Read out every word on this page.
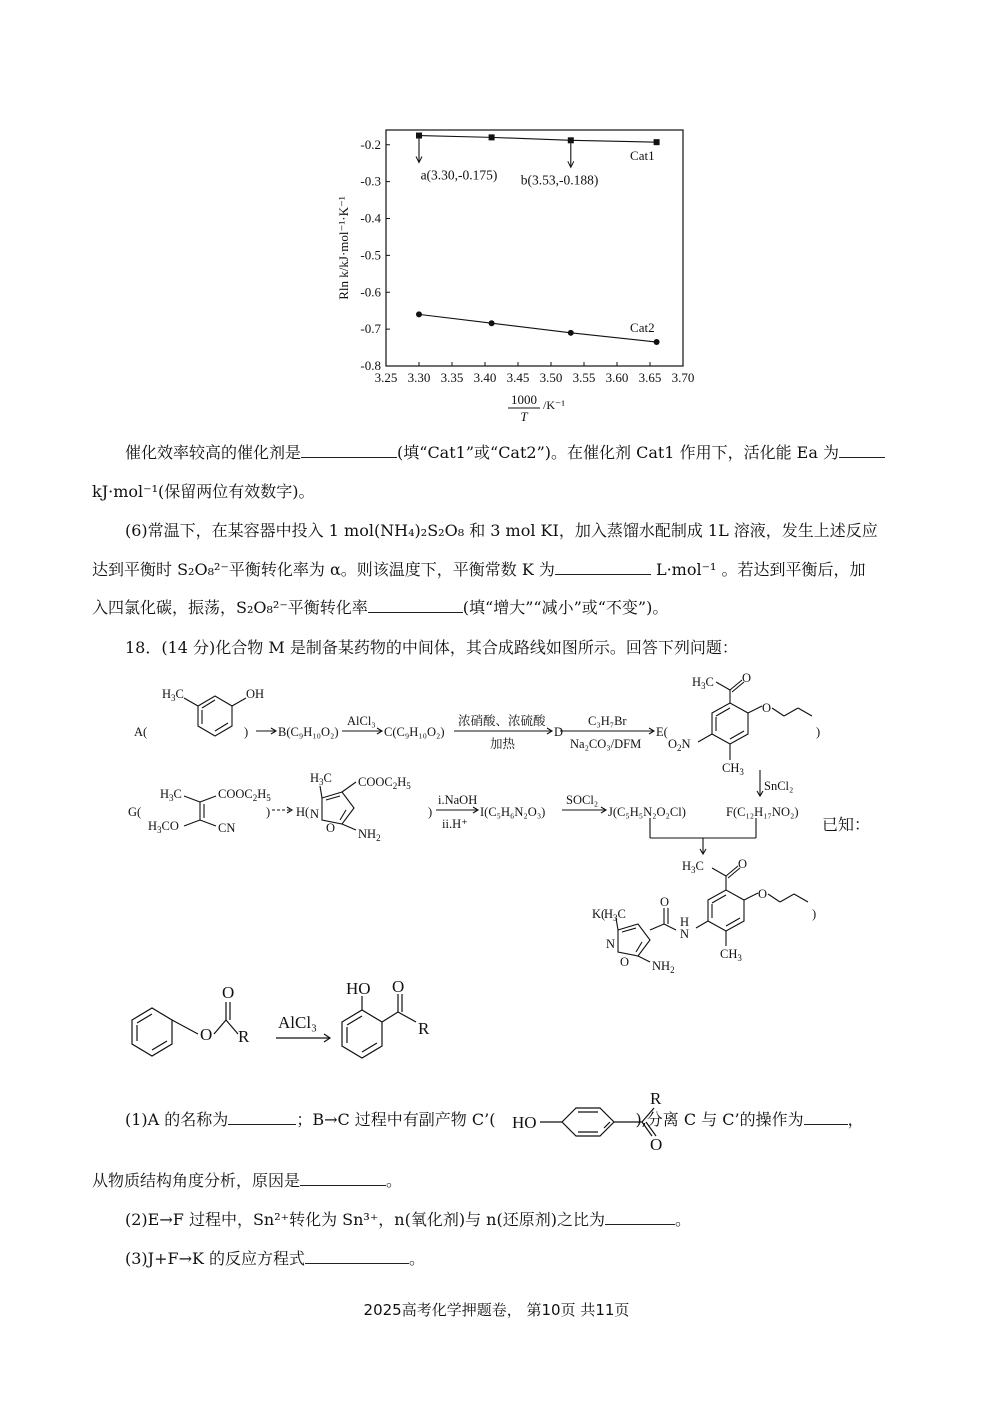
3.25 3.30 3.35 3.40 3.45 3.50 3.55 3.60 3.65 3.70
-0.2
-0.3
-0.4
-0.5
-0.6
-0.7
-0.8
1000
T
/K⁻¹
Rln k/kJ·mol⁻¹·K⁻¹
Cat1
Cat2
a(3.30,-0.175) b(3.53,-0.188)
催化效率较高的催化剂是	(填“Cat1”或“Cat2”)。在催化剂 Cat1 作用下，活化能 Ea 为
kJ·mol⁻¹(保留两位有效数字)。
(6)常温下，在某容器中投入 1 mol(NH₄)₂S₂O₈ 和 3 mol KI，加入蒸馏水配制成 1L 溶液，发生上述反应
达到平衡时 S₂O₈²⁻平衡转化率为 α。则该温度下，平衡常数 K 为	L·mol⁻¹ 。若达到平衡后，加
入四氯化碳，振荡，S₂O₈²⁻平衡转化率	(填“增大”“减小”或“不变”)。
18．(14 分)化合物 M 是制备某药物的中间体，其合成路线如图所示。回答下列问题：
A(
$H_3C$	OH
) B(C₉H₁₀O₂)
AlCl₃
C(C₉H₁₀O₂)
浓硝酸、浓硫酸
加热
D
C₃H₇Br
Na₂CO₃/DFM
E(
$H_3C$ O
O
)
$O_2N$
$CH_3$
SnCl₂
G(
$H_3C$	$COOC_2H_5$
$H_3CO$	CN
) H(
$H_3C$ $COOC_2H_5$
N
O $NH_2$
)
i.NaOH
ii.H⁺
I(C₅H₆N₂O₃)
SOCl₂
J(C₅H₅N₂O₂Cl)	F(C₁₂H₁₇NO₂)
$H_3C$	O
O
)
$CH_3$
N
H
O
K(
$H_3C$
N
O $NH_2$
已知：
O
O
R
AlCl₃
HO O
R
(1)A 的名称为	；B→C 过程中有副产物 C’(	),分离 C 与 C’的操作为	，
HO
R
O
从物质结构角度分析，原因是	。
(2)E→F 过程中，Sn²⁺转化为 Sn³⁺，n(氧化剂)与 n(还原剂)之比为	。
(3)J+F→K 的反应方程式	。
2025高考化学押题卷， 第10页 共11页
